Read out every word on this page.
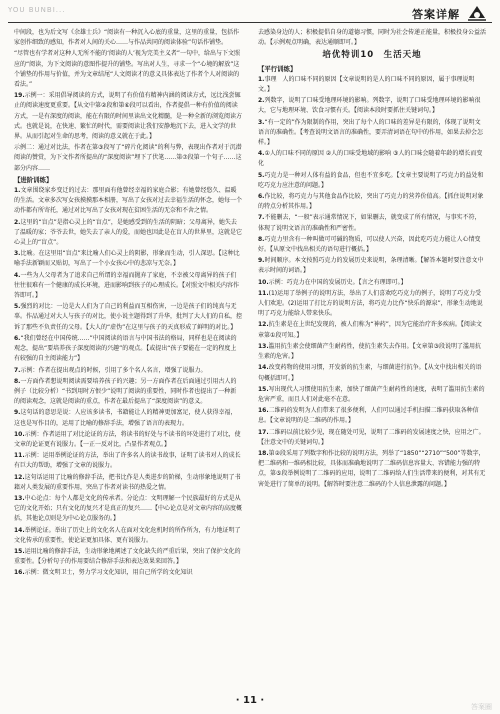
YOU BUNBI...	答案详解

中间段，也为后文写《余雄士兵》“阅读有一种沉入心底的重量，这里的重量，包括作家创作细致的感知，作者对人间的关心……与作品共同的阅读体验”句话作铺垫。

“尽管也有学者对这种人无所不能的‘阅读的人’视为完美主义者”一句中，给出与下文照应的“阅读，为下文阅读的意图作提升的铺垫。写出对人生，寻求一个“心境的解放”这个铺垫的作用与价值，并为文章结尾“人文阅读才的意义具体表达了作者个人对阅读的看法。”

19.示例一：采用倡导阅读的方式，说明了有价值有精神内涵的阅读方式，远比浅尝辄止的阅读速度更重要。【从文中第②段和第⑥段可以看出，作者提倡一种有价值的阅读方式，一是有深度的阅读，能在有限的时间里读出文化精髓，是一种全新的浏览阅读方式。也就是说，在快速、繁忙的时代，需要阅读让我们安静地沉下去，进入文学的世界。从而引起对生命的思考，阅读的意义就在于此。】

示例二：通过对比法，作者在第③段写了“碎片化阅读”的利与弊，表现出作者对于沉潜阅读的赞赏，为下文作者所提出的“深度阅读”埋下了伏笔……第⑦段第一个句子……这部分内容……

【进阶训练】

1.文章围绕家乡变迁的过去：那里面有他曾经幸福的家庭合影；有她曾经悠久、温暖的生活。文章多次写女孩摸摸那本相册，写出了女孩对过去幸福生活的怀念，她每一个动作都有所寄托，通过对比写出了女孩对现在贫困生活的无奈和不舍之情。

2.这里的“盲点”是指心灵上的“盲点”，是她感受到的生活的阴暗；父母离异，她失去了温暖的家；爷爷去世，她失去了亲人的爱，而她也因此是在盲人的世界里，这就是它心灵上的“盲点”。

3.比喻。在这里用“盲点”来比喻人们心灵上的阴影，形象而生动，引人深思。【这种比喻手法新颖而又贴切，写出了一个小女孩心中的悲凉与无奈。】

4.一些为人父母者为了追求自己所谓的幸福而抛弃了家庭，不幸被父母离异的孩子们往往很难有一个健康的成长环境，进而影响到孩子的心理成长。【对照文中相关内容作答即可。】

5.强烈的对比：一边是大人们为了自己的利益而互相伤害，一边是孩子们的纯真与无辜。作品通过对大人与孩子的对比，使小说主题得到了升华，批判了大人们的自私，控诉了那些不负责任的父母。【大人的“虚伪”在这里与孩子的天真形成了鲜明的对比。】

6.“我们曾经在中国传统……”中国阅读的语言与中国书法的格局，同样也是在阅读的观念，提出“要培养孩子深度阅读的兴趣”的观点。【或提出“孩子要能在一定的程度上有较强的自主阅读能力”】

7.示例：作者在提出观点的时候，引用了多个名人名言，增强了说服力。

8.一方面作者想说明阅读需要培养孩子的兴趣；另一方面作者在后面通过引用古人的例子（比较分析）“书到用时方恨少”说明了阅读的重要性，同时作者也提出了一种新的阅读观念，这就是阅读的重点，作者在最后提出了“深度阅读”的意义。

9.这句话的意思是说：人应该多读书，书籍能让人的精神更加富足，使人获得幸福，这也是写作目的，运用了比喻的修辞手法，增强了语言的表现力。

10.示例：作者运用了对比论证的方法，将读书的好处与不读书的坏处进行了对比，使文章的论证更有说服力。【一正一反对比，凸显作者观点。】

11.示例：运用举例论证的方法，举出了许多名人的读书故事，证明了读书对人的成长有巨大的帮助，增强了文章的说服力。

12.这句话运用了比喻的修辞手法，把书比作是人类进步的阶梯，生动形象地说明了书籍对人类发展的重要作用，突出了作者对读书的热爱之情。

13.中心论点：每个人都是文化的传承者。分论点：文明理解一个民族最好的方式是从它的文化开始；只有文化的复兴才是真正的复兴……【中心论点是对文章内容的高度概括，其他论点则是为中心论点服务的。】

14.举例论证。举出了历史上的文化名人在面对文化危机时的所作所为，有力地证明了文化传承的重要性，使论证更加具体、更有说服力。

15.运用比喻的修辞手法，生动形象地阐述了文化缺失的严重后果，突出了保护文化的重要性。【分析句子的作用要结合修辞手法和表达效果来回答。】

16.示例：微文明卫士，努力学习文化知识，用自己所学的文化知识

去感染身边的人；积极提倡自身的道德习惯，同时为社会传递正能量，积极投身公益活动。【示例观点明确，表达通顺即可。】

培优特训10　生活天地
【平行训练】

1.事理　人的口味不同的原因【文章说明的是人的口味不同的原因，属于事理说明文。】

2.列数字，说明了口味受地理环境的影响。列数字，说明了口味受地理环境的影响很大，它与地理环境、饮食习惯有关。【阅读本段时要抓住关键词句。】

3.“有一定的”作为限制的作用，突出了每个人的口味的差异是有限的，体现了说明文语言的准确性。【考查说明文语言的准确性，要弄清词语在句中的作用，如果去掉会怎样。】

4.①人的口味不同的原因 ②人的口味受地域的影响 ③人的口味会随着年龄的增长而变化

5.巧克力是一种对人体有益的食品，但也不宜多吃。【文章主要说明了巧克力的益处和吃巧克力应注意的问题。】

6.作比较，将巧克力与其他食品作比较，突出了巧克力的营养价值高。【抓住说明对象的特点分析其作用。】

7.不能删去，“一般”表示通常情况下，如果删去，就变成了所有情况，与事实不符，体现了说明文语言的准确性和严密性。

8.巧克力里含有一种叫做可可碱的物质，可以使人兴奋，因此吃巧克力能让人心情变好。【从原文中找出相关的语句进行概括。】

9.时间顺序。本文按照巧克力的发展历史来说明，条理清晰。【解答本题时要注意文中表示时间的词语。】

10.示例：巧克力在中国的发展历史。【言之有理即可。】

11.(1)运用了举例子的说明方法，举出了人们喜欢吃巧克力的例子，说明了巧克力受人们欢迎。(2)运用了打比方的说明方法，将巧克力比作“快乐的源泉”，形象生动地说明了巧克力能给人带来快乐。

12.抗生素是在上世纪发现的，被人们称为“神药”，因为它能治疗许多疾病。【阅读文章第①段可知。】

13.滥用抗生素会使细菌产生耐药性，使抗生素失去作用。【文章第③段说明了滥用抗生素的危害。】

14.改变药物的使用习惯，开发新的抗生素，与细菌进行抗争。【从文中找出相关的语句概括即可。】

15.写出现代人习惯使用抗生素，加快了细菌产生耐药性的速度，表明了滥用抗生素的危害严重，而且人们对此毫不在意。

16.二维码的发明为人们带来了很多便利，人们可以通过手机扫描二维码获取各种信息。【文章说明的是二维码的作用。】

17.二维码以前比较少见，现在随处可见，说明了二维码的发展速度之快，应用之广。【注意文中的关键词句。】

18.第②段采用了列数字和作比较的说明方法，列举了“1850”“2710”“500”等数字，把二维码和一维码相比较，具体而准确地说明了二维码信息容量大、容错能力强的特点，第⑤段举例说明了二维码的应用，说明了二维码给人们生活带来的便利，对其有无害处进行了简单的说明。【解答时要注意二维码的个人信息泄露的问题。】

· 11 ·
答案圈
